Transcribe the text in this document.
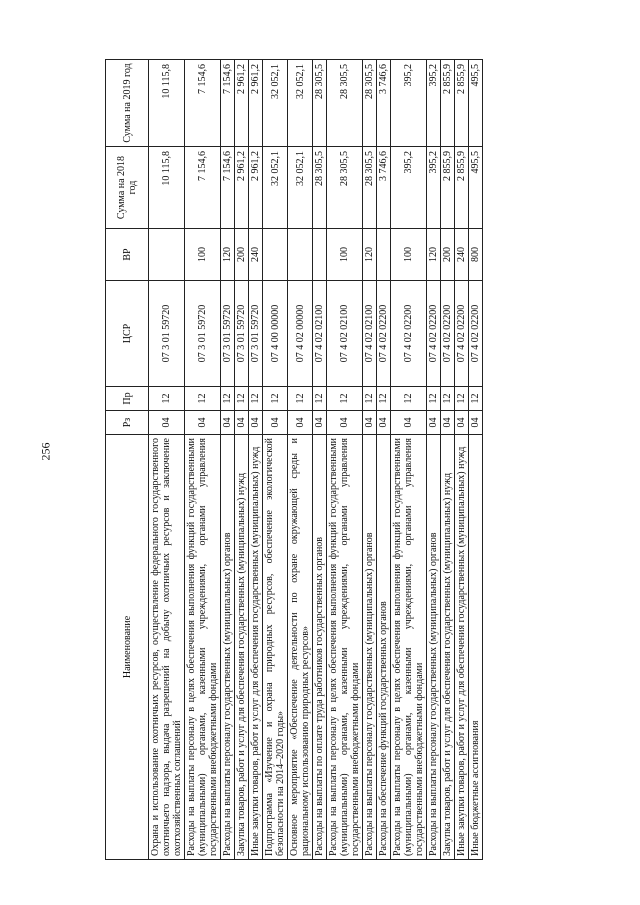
256
Наименование	Рз	Пр	ЦСР	ВР	Сумма на 2018 год	Сумма на 2019 год
Охрана и использование охотничьих ресурсов, осуществление федерального государственного охотничьего надзора, выдача разрешений на добычу охотничьих ресурсов и заключение охотхозяйственных соглашений	04	12	07 3 01 59720		10 115,8	10 115,8
Расходы на выплаты персоналу в целях обеспечения выполнения функций государственными (муниципальными) органами, казенными учреждениями, органами управления государственными внебюджетными фондами	04	12	07 3 01 59720	100	7 154,6	7 154,6
Расходы на выплаты персоналу государственных (муниципальных) органов	04	12	07 3 01 59720	120	7 154,6	7 154,6
Закупка товаров, работ и услуг для обеспечения государственных (муниципальных) нужд	04	12	07 3 01 59720	200	2 961,2	2 961,2
Иные закупки товаров, работ и услуг для обеспечения государственных (муниципальных) нужд	04	12	07 3 01 59720	240	2 961,2	2 961,2
Подпрограмма «Изучение и охрана природных ресурсов, обеспечение экологической безопасности на 2014–2020 годы»	04	12	07 4 00 00000		32 052,1	32 052,1
Основное мероприятие «Обеспечение деятельности по охране окружающей среды и рациональному использованию природных ресурсов»	04	12	07 4 02 00000		32 052,1	32 052,1
Расходы на выплаты по оплате труда работников государственных органов	04	12	07 4 02 02100		28 305,5	28 305,5
Расходы на выплаты персоналу в целях обеспечения выполнения функций государственными (муниципальными) органами, казенными учреждениями, органами управления государственными внебюджетными фондами	04	12	07 4 02 02100	100	28 305,5	28 305,5
Расходы на выплаты персоналу государственных (муниципальных) органов	04	12	07 4 02 02100	120	28 305,5	28 305,5
Расходы на обеспечение функций государственных органов	04	12	07 4 02 02200		3 746,6	3 746,6
Расходы на выплаты персоналу в целях обеспечения выполнения функций государственными (муниципальными) органами, казенными учреждениями, органами управления государственными внебюджетными фондами	04	12	07 4 02 02200	100	395,2	395,2
Расходы на выплаты персоналу государственных (муниципальных) органов	04	12	07 4 02 02200	120	395,2	395,2
Закупка товаров, работ и услуг для обеспечения государственных (муниципальных) нужд	04	12	07 4 02 02200	200	2 855,9	2 855,9
Иные закупки товаров, работ и услуг для обеспечения государственных (муниципальных) нужд	04	12	07 4 02 02200	240	2 855,9	2 855,9
Иные бюджетные ассигнования	04	12	07 4 02 02200	800	495,5	495,5
